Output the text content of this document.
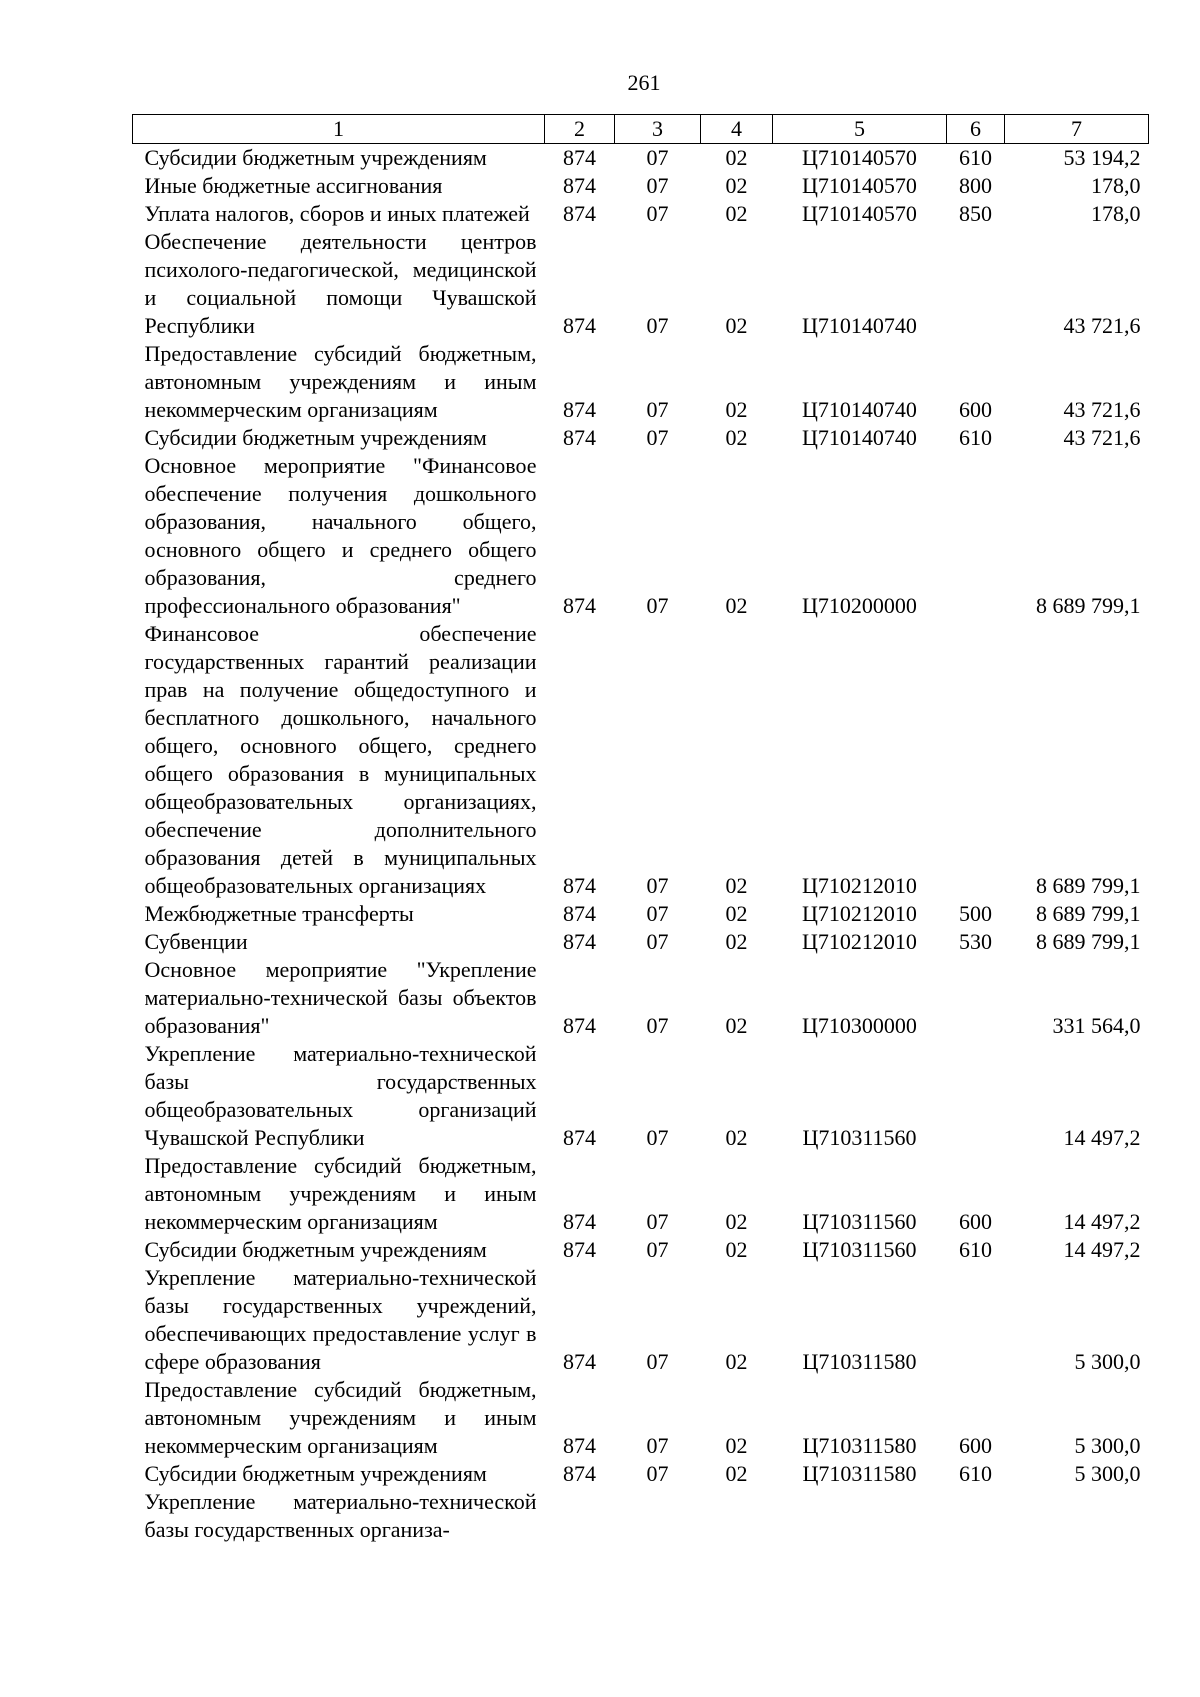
261
1	2	3	4	5	6	7
Субсидии бюджетным учреждениям	874	07	02	Ц710140570	610	53 194,2
Иные бюджетные ассигнования	874	07	02	Ц710140570	800	178,0
Уплата налогов, сборов и иных платежей	874	07	02	Ц710140570	850	178,0
Обеспечение деятельности центров психолого-педагогической, медицинской и социальной помощи Чувашской Республики	874	07	02	Ц710140740		43 721,6
Предоставление субсидий бюджетным, автономным учреждениям и иным некоммерческим организациям	874	07	02	Ц710140740	600	43 721,6
Субсидии бюджетным учреждениям	874	07	02	Ц710140740	610	43 721,6
Основное мероприятие "Финансовое обеспечение получения дошкольного образования, начального общего, основного общего и среднего общего образования, среднего профессионального образования"	874	07	02	Ц710200000		8 689 799,1
Финансовое обеспечение государственных гарантий реализации прав на получение общедоступного и бесплатного дошкольного, начального общего, основного общего, среднего общего образования в муниципальных общеобразовательных организациях, обеспечение дополнительного образования детей в муниципальных общеобразовательных организациях	874	07	02	Ц710212010		8 689 799,1
Межбюджетные трансферты	874	07	02	Ц710212010	500	8 689 799,1
Субвенции	874	07	02	Ц710212010	530	8 689 799,1
Основное мероприятие "Укрепление материально-технической базы объектов образования"	874	07	02	Ц710300000		331 564,0
Укрепление материально-технической базы государственных общеобразовательных организаций Чувашской Республики	874	07	02	Ц710311560		14 497,2
Предоставление субсидий бюджетным, автономным учреждениям и иным некоммерческим организациям	874	07	02	Ц710311560	600	14 497,2
Субсидии бюджетным учреждениям	874	07	02	Ц710311560	610	14 497,2
Укрепление материально-технической базы государственных учреждений, обеспечивающих предоставление услуг в сфере образования	874	07	02	Ц710311580		5 300,0
Предоставление субсидий бюджетным, автономным учреждениям и иным некоммерческим организациям	874	07	02	Ц710311580	600	5 300,0
Субсидии бюджетным учреждениям	874	07	02	Ц710311580	610	5 300,0
Укрепление материально-технической базы государственных организа-						
